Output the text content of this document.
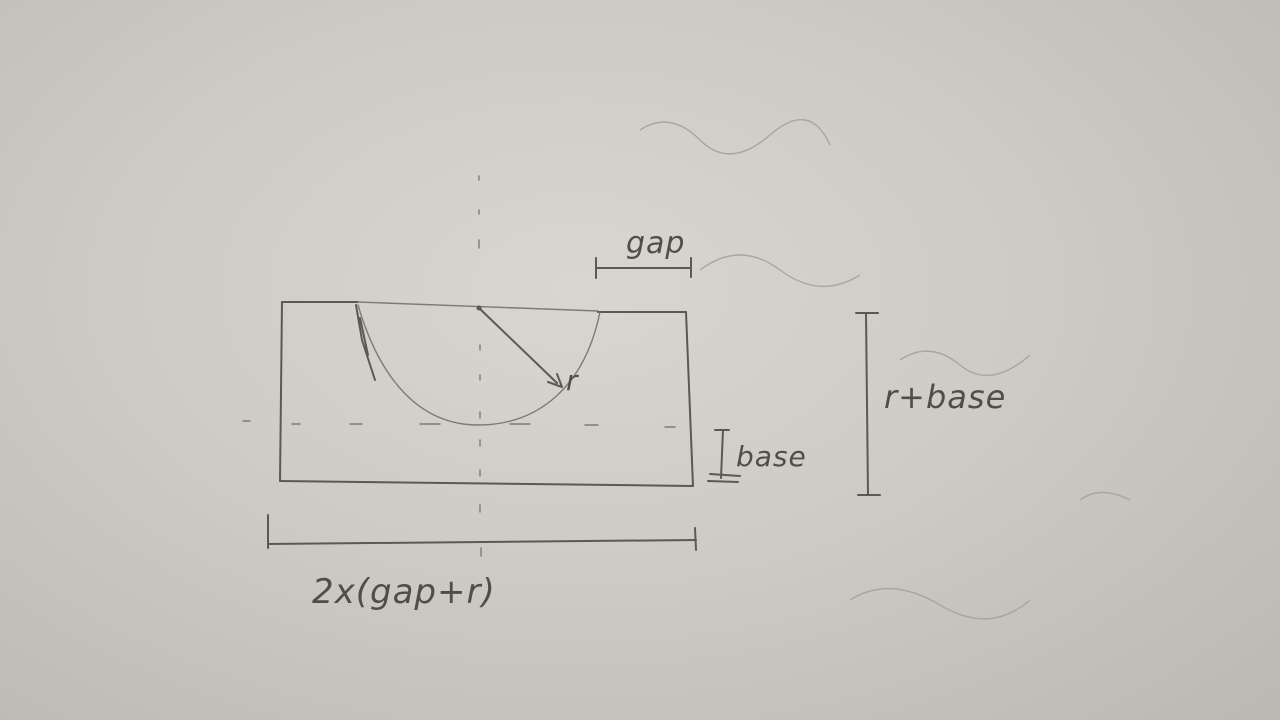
gap

r	r+base

base

2x(gap+r)
